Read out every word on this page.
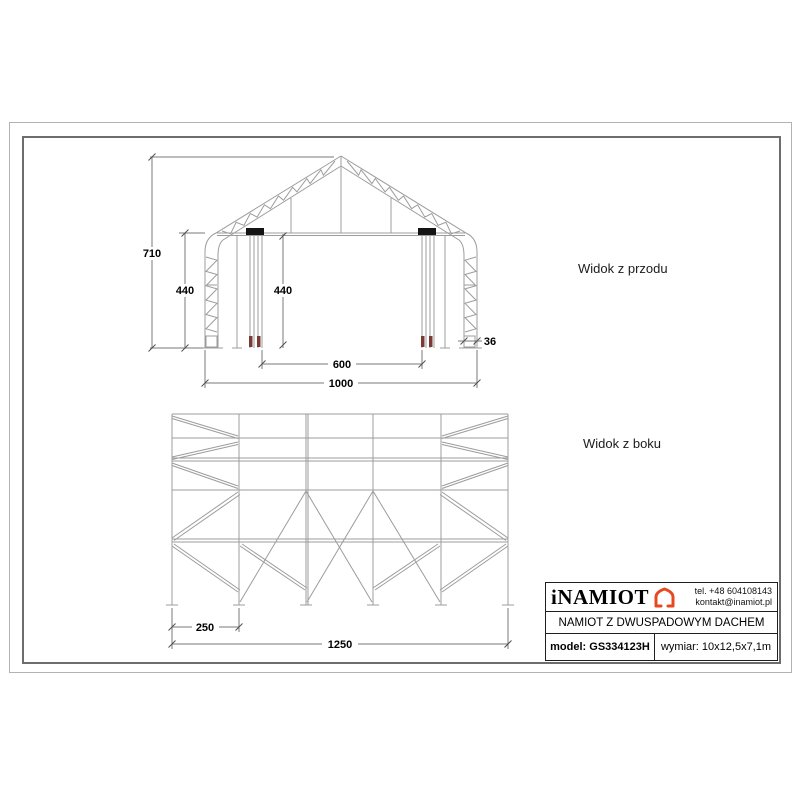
710
440	440
600
1000
36
250
1250
Widok z przodu
Widok z boku
iNAMIOT	tel. +48 604108143
kontakt@inamiot.pl
NAMIOT Z DWUSPADOWYM DACHEM
model:
GS334123H wymiar:
10x12,5x7,1m
